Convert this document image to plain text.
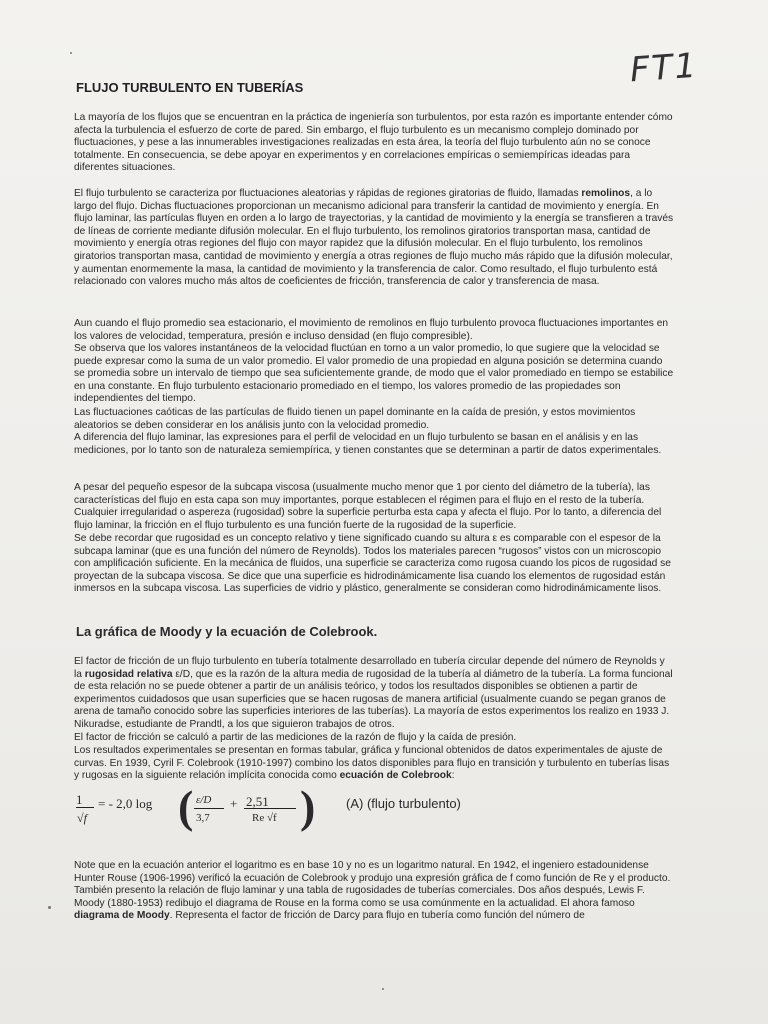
FT1
FLUJO TURBULENTO EN TUBERÍAS

La mayoría de los flujos que se encuentran en la práctica de ingeniería son turbulentos, por esta razón es importante entender cómo afecta la turbulencia el esfuerzo de corte de pared. Sin embargo, el flujo turbulento es un mecanismo complejo dominado por fluctuaciones, y pese a las innumerables investigaciones realizadas en esta área, la teoría del flujo turbulento aún no se conoce totalmente. En consecuencia, se debe apoyar en experimentos y en correlaciones empíricas o semiempíricas ideadas para diferentes situaciones.

El flujo turbulento se caracteriza por fluctuaciones aleatorias y rápidas de regiones giratorias de fluido, llamadas remolinos, a lo largo del flujo. Dichas fluctuaciones proporcionan un mecanismo adicional para transferir la cantidad de movimiento y energía. En flujo laminar, las partículas fluyen en orden a lo largo de trayectorias, y la cantidad de movimiento y la energía se transfieren a través de líneas de corriente mediante difusión molecular. En el flujo turbulento, los remolinos giratorios transportan masa, cantidad de movimiento y energía otras regiones del flujo con mayor rapidez que la difusión molecular. En el flujo turbulento, los remolinos giratorios transportan masa, cantidad de movimiento y energía a otras regiones de flujo mucho más rápido que la difusión molecular, y aumentan enormemente la masa, la cantidad de movimiento y la transferencia de calor. Como resultado, el flujo turbulento está relacionado con valores mucho más altos de coeficientes de fricción, transferencia de calor y transferencia de masa.

Aun cuando el flujo promedio sea estacionario, el movimiento de remolinos en flujo turbulento provoca fluctuaciones importantes en los valores de velocidad, temperatura, presión e incluso densidad (en flujo compresible).

Se observa que los valores instantáneos de la velocidad fluctúan en torno a un valor promedio, lo que sugiere que la velocidad se puede expresar como la suma de un valor promedio. El valor promedio de una propiedad en alguna posición se determina cuando se promedia sobre un intervalo de tiempo que sea suficientemente grande, de modo que el valor promediado en tiempo se estabilice en una constante. En flujo turbulento estacionario promediado en el tiempo, los valores promedio de las propiedades son independientes del tiempo.

Las fluctuaciones caóticas de las partículas de fluido tienen un papel dominante en la caída de presión, y estos movimientos aleatorios se deben considerar en los análisis junto con la velocidad promedio.

A diferencia del flujo laminar, las expresiones para el perfil de velocidad en un flujo turbulento se basan en el análisis y en las mediciones, por lo tanto son de naturaleza semiempírica, y tienen constantes que se determinan a partir de datos experimentales.

A pesar del pequeño espesor de la subcapa viscosa (usualmente mucho menor que 1 por ciento del diámetro de la tubería), las características del flujo en esta capa son muy importantes, porque establecen el régimen para el flujo en el resto de la tubería. Cualquier irregularidad o aspereza (rugosidad) sobre la superficie perturba esta capa y afecta el flujo. Por lo tanto, a diferencia del flujo laminar, la fricción en el flujo turbulento es una función fuerte de la rugosidad de la superficie.

Se debe recordar que rugosidad es un concepto relativo y tiene significado cuando su altura ε es comparable con el espesor de la subcapa laminar (que es una función del número de Reynolds). Todos los materiales parecen “rugosos” vistos con un microscopio con amplificación suficiente. En la mecánica de fluidos, una superficie se caracteriza como rugosa cuando los picos de rugosidad se proyectan de la subcapa viscosa. Se dice que una superficie es hidrodinámicamente lisa cuando los elementos de rugosidad están inmersos en la subcapa viscosa. Las superficies de vidrio y plástico, generalmente se consideran como hidrodinámicamente lisos.

La gráfica de Moody y la ecuación de Colebrook.

El factor de fricción de un flujo turbulento en tubería totalmente desarrollado en tubería circular depende del número de Reynolds y la rugosidad relativa ε/D, que es la razón de la altura media de rugosidad de la tubería al diámetro de la tubería. La forma funcional de esta relación no se puede obtener a partir de un análisis teórico, y todos los resultados disponibles se obtienen a partir de experimentos cuidadosos que usan superficies que se hacen rugosas de manera artificial (usualmente cuando se pegan granos de arena de tamaño conocido sobre las superficies interiores de las tuberías). La mayoría de estos experimentos los realizo en 1933 J. Nikuradse, estudiante de Prandtl, a los que siguieron trabajos de otros.

El factor de fricción se calculó a partir de las mediciones de la razón de flujo y la caída de presión.

Los resultados experimentales se presentan en formas tabular, gráfica y funcional obtenidos de datos experimentales de ajuste de curvas. En 1939, Cyril F. Colebrook (1910-1997) combino los datos disponibles para flujo en transición y turbulento en tuberías lisas y rugosas en la siguiente relación implícita conocida como ecuación de Colebrook:

1
√f
= - 2,0 log ( ε/D
3,7
+ 2,51
Re √f ) (A) (flujo turbulento)

Note que en la ecuación anterior el logaritmo es en base 10 y no es un logaritmo natural. En 1942, el ingeniero estadounidense Hunter Rouse (1906-1996) verificó la ecuación de Colebrook y produjo una expresión gráfica de f como función de Re y el producto. También presento la relación de flujo laminar y una tabla de rugosidades de tuberías comerciales. Dos años después, Lewis F. Moody (1880-1953) redibujo el diagrama de Rouse en la forma como se usa comúnmente en la actualidad. El ahora famoso diagrama de Moody. Representa el factor de fricción de Darcy para flujo en tubería como función del número de
